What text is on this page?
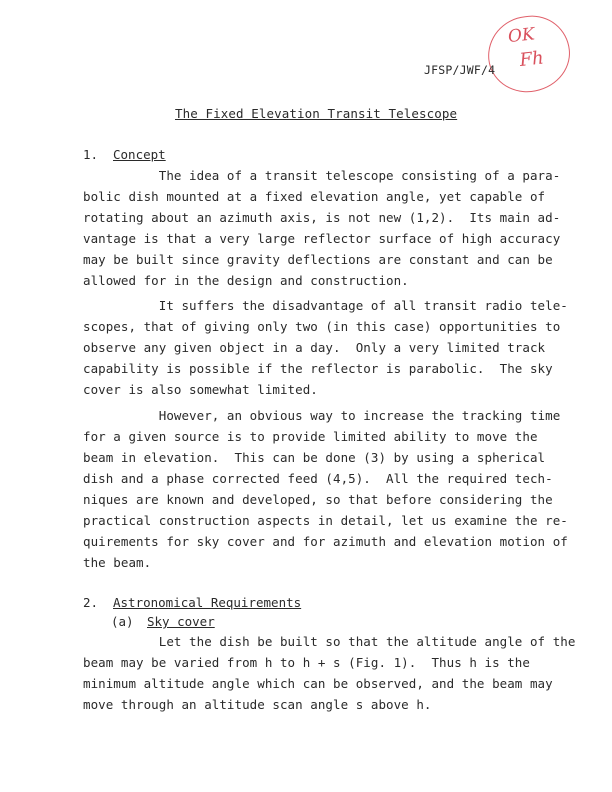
OK
Fh
JFSP/JWF/4
The Fixed Elevation Transit Telescope
1. Concept
The idea of a transit telescope consisting of a para-
bolic dish mounted at a fixed elevation angle, yet capable of
rotating about an azimuth axis, is not new (1,2).  Its main ad-
vantage is that a very large reflector surface of high accuracy
may be built since gravity deflections are constant and can be
allowed for in the design and construction.
It suffers the disadvantage of all transit radio tele-
scopes, that of giving only two (in this case) opportunities to
observe any given object in a day.  Only a very limited track
capability is possible if the reflector is parabolic.  The sky
cover is also somewhat limited.
However, an obvious way to increase the tracking time
for a given source is to provide limited ability to move the
beam in elevation.  This can be done (3) by using a spherical
dish and a phase corrected feed (4,5).  All the required tech-
niques are known and developed, so that before considering the
practical construction aspects in detail, let us examine the re-
quirements for sky cover and for azimuth and elevation motion of
the beam.
2. Astronomical Requirements
(a) Sky cover
Let the dish be built so that the altitude angle of the
beam may be varied from h to h + s (Fig. 1).  Thus h is the
minimum altitude angle which can be observed, and the beam may
move through an altitude scan angle s above h.
